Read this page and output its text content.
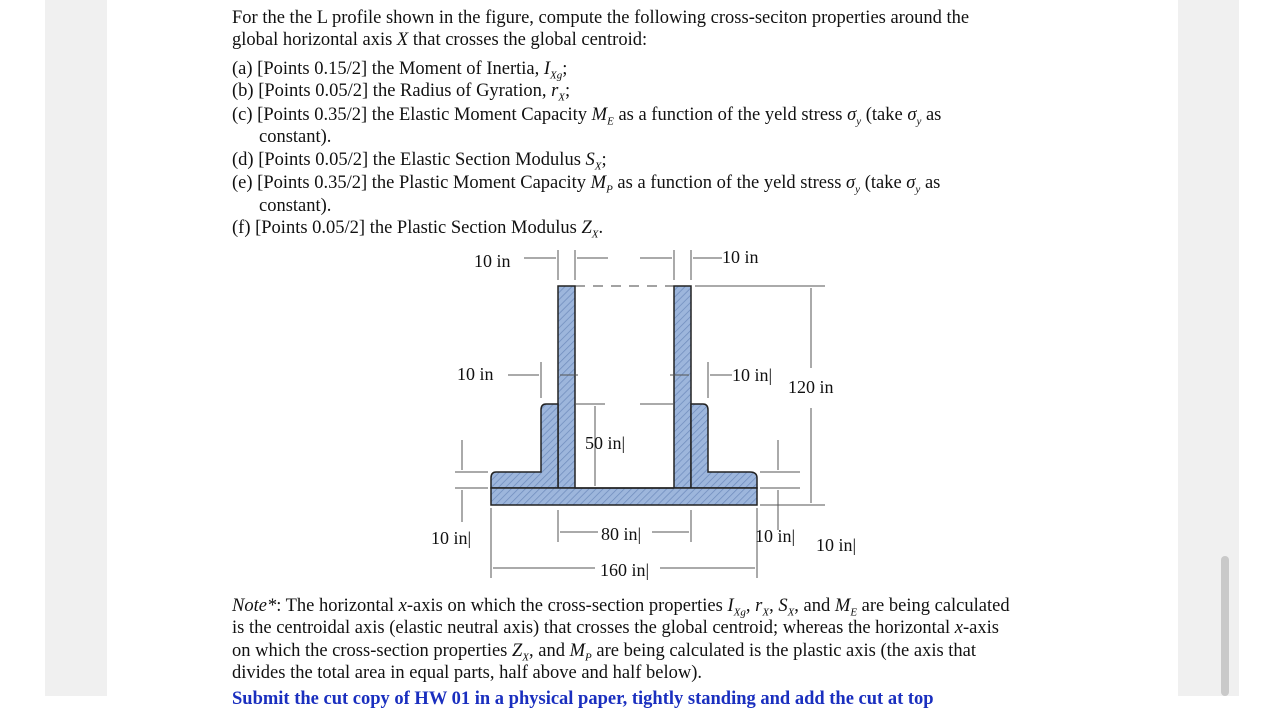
For the the L profile shown in the figure, compute the following cross-seciton properties around the
global horizontal axis X that crosses the global centroid:
(a) [Points 0.15/2] the Moment of Inertia, $I_{Xg}$;
(b) [Points 0.05/2] the Radius of Gyration, $r_X$;
(c) [Points 0.35/2] the Elastic Moment Capacity $M_E$ as a function of the yeld stress $\sigma_y$ (take $\sigma_y$ as
constant).
(d) [Points 0.05/2] the Elastic Section Modulus $S_X$;
(e) [Points 0.35/2] the Plastic Moment Capacity $M_P$ as a function of the yeld stress $\sigma_y$ (take $\sigma_y$ as
constant).
(f) [Points 0.05/2] the Plastic Section Modulus $Z_X$.
10 in	10 in
10 in	10 in|
120 in
50 in|
10 in|	10 in| 10 in|
80 in|
160 in|
Note*: The horizontal x-axis on which the cross-section properties $I_{Xg}$, $r_X$, $S_X$, and $M_E$ are being calculated
is the centroidal axis (elastic neutral axis) that crosses the global centroid; whereas the horizontal x-axis
on which the cross-section properties $Z_X$, and $M_P$ are being calculated is the plastic axis (the axis that
divides the total area in equal parts, half above and half below).
Submit the cut copy of HW 01 in a physical paper, tightly standing and add the cut at top
